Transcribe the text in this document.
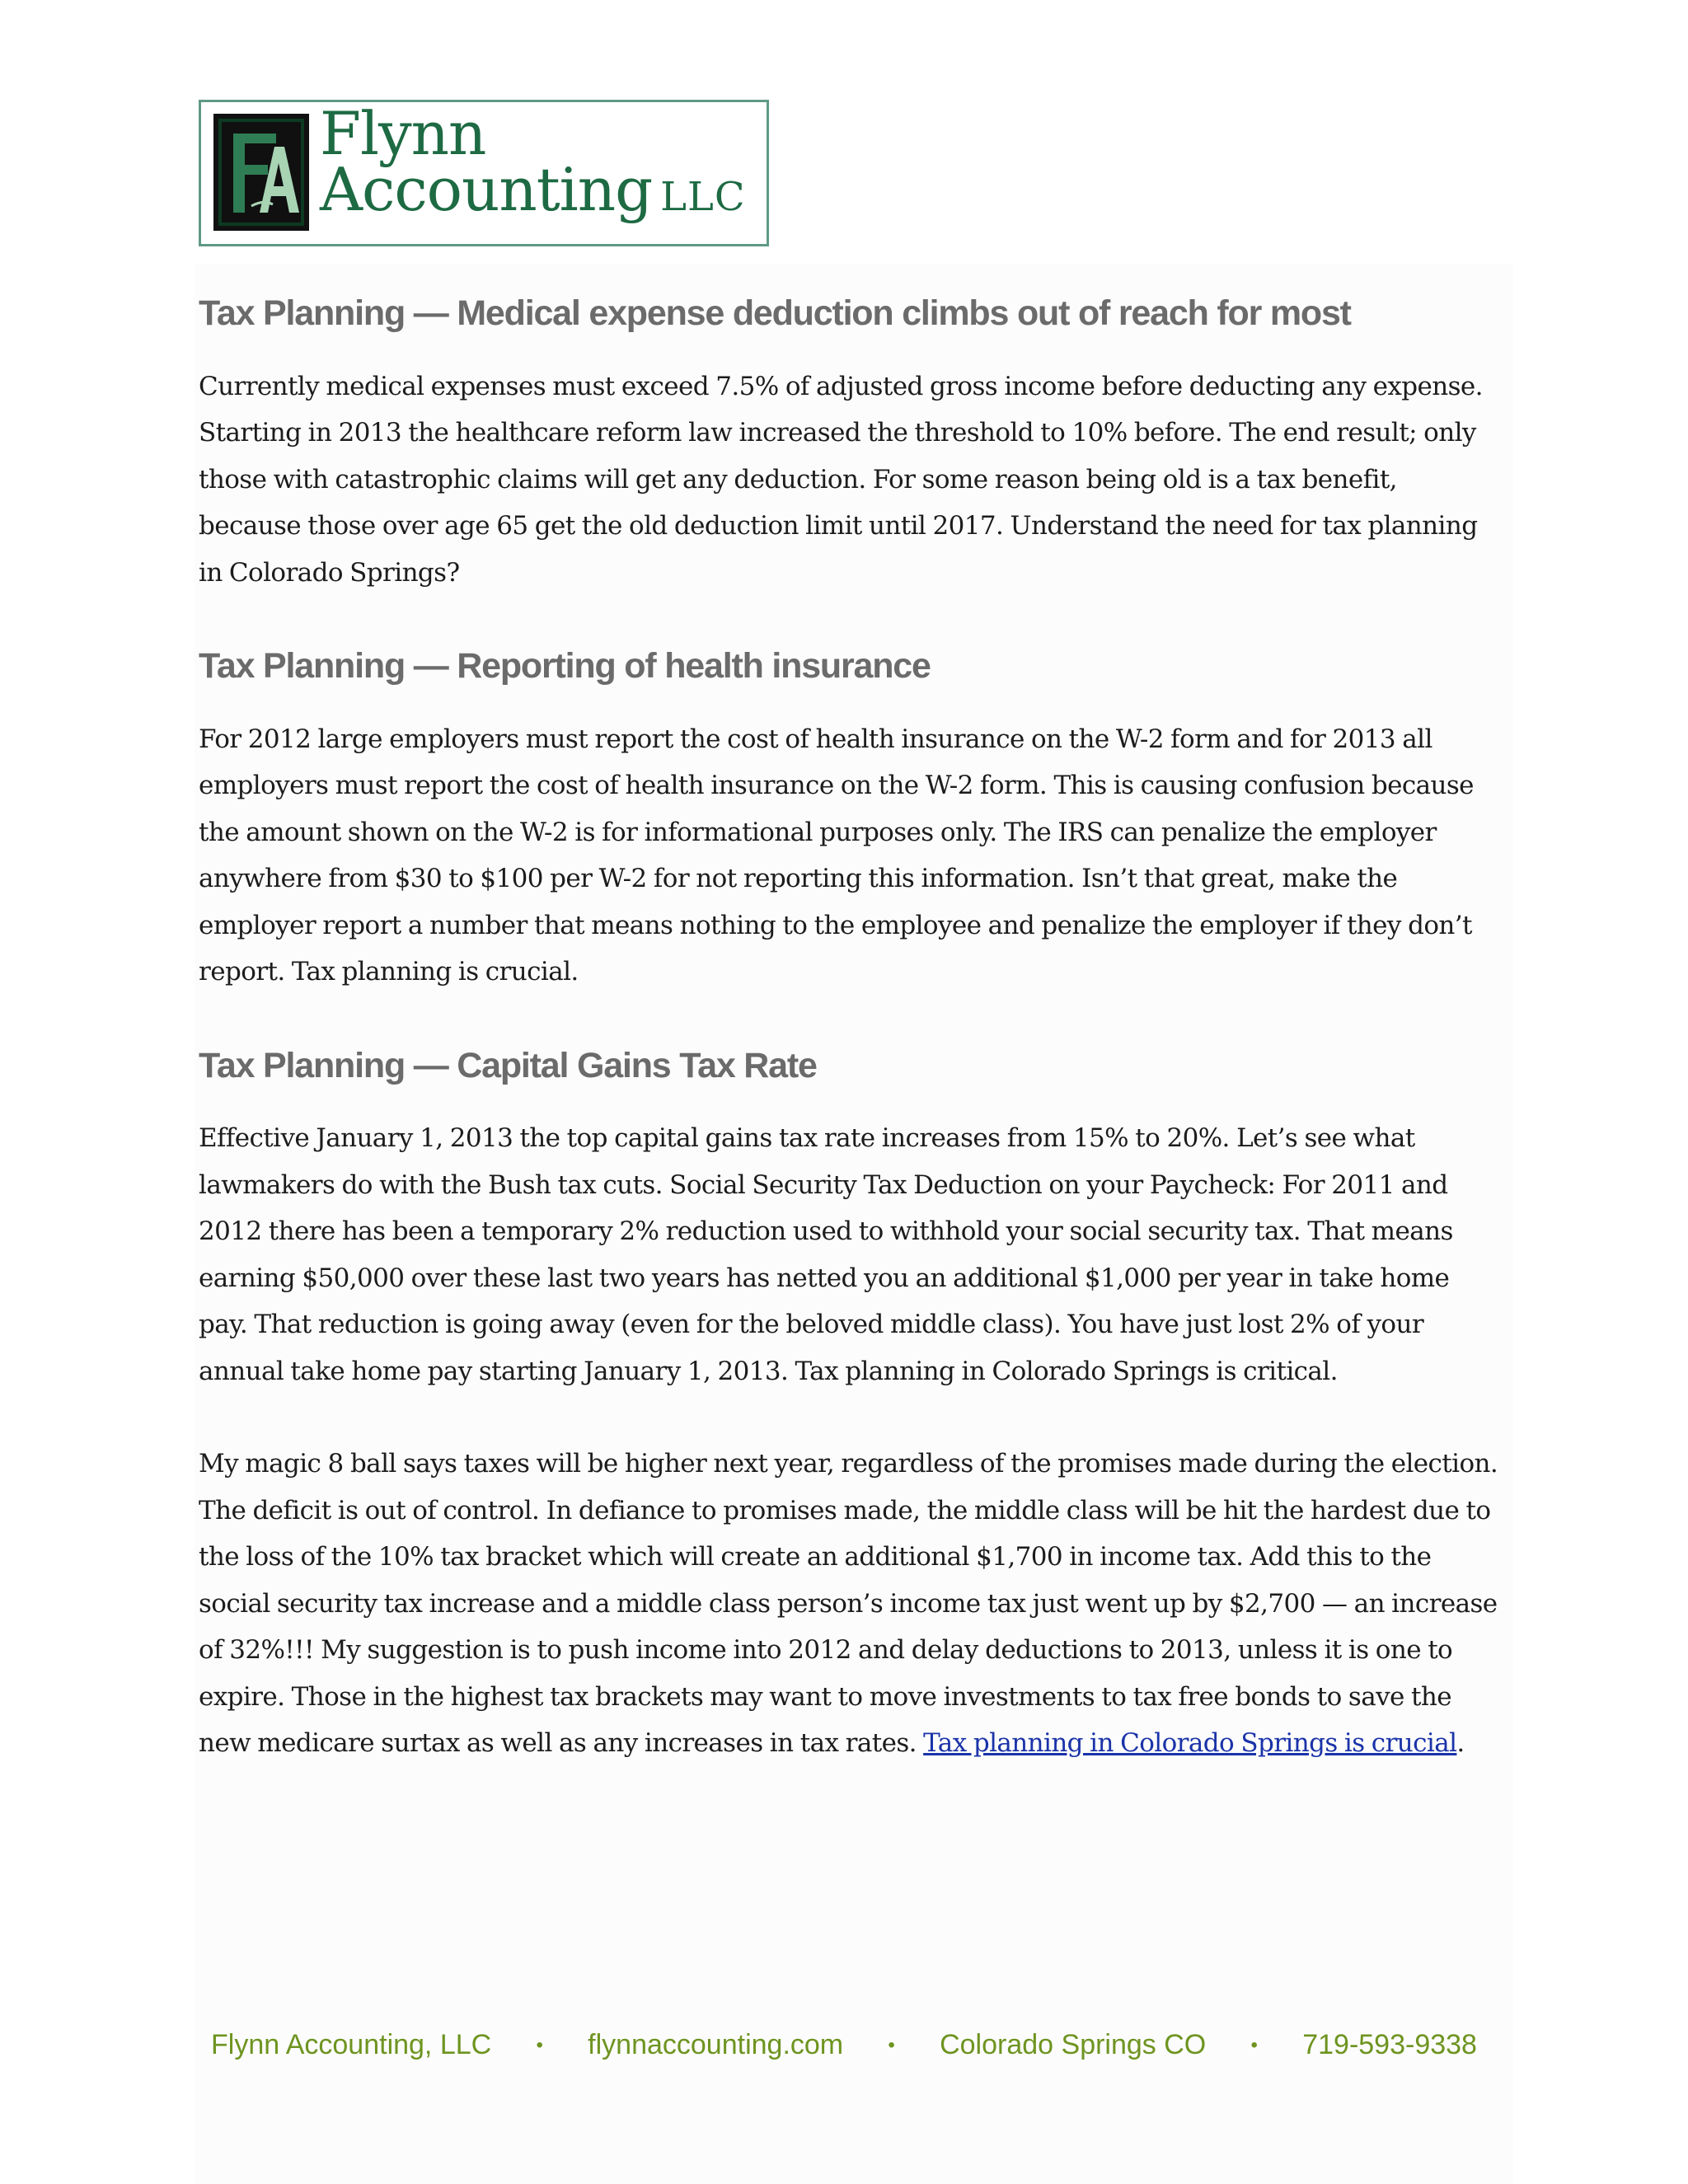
Flynn
Accounting LLC
Tax Planning — Medical expense deduction climbs out of reach for most

Currently medical expenses must exceed 7.5% of adjusted gross income before deducting any expense. Starting in 2013 the healthcare reform law increased the threshold to 10% before. The end result; only those with catastrophic claims will get any deduction. For some reason being old is a tax benefit, because those over age 65 get the old deduction limit until 2017. Understand the need for tax planning in Colorado Springs?

Tax Planning — Reporting of health insurance

For 2012 large employers must report the cost of health insurance on the W-2 form and for 2013 all employers must report the cost of health insurance on the W-2 form. This is causing confusion because the amount shown on the W-2 is for informational purposes only. The IRS can penalize the employer anywhere from $30 to $100 per W-2 for not reporting this information. Isn’t that great, make the employer report a number that means nothing to the employee and penalize the employer if they don’t report. Tax planning is crucial.

Tax Planning — Capital Gains Tax Rate

Effective January 1, 2013 the top capital gains tax rate increases from 15% to 20%. Let’s see what lawmakers do with the Bush tax cuts. Social Security Tax Deduction on your Paycheck: For 2011 and 2012 there has been a temporary 2% reduction used to withhold your social security tax. That means earning $50,000 over these last two years has netted you an additional $1,000 per year in take home pay. That reduction is going away (even for the beloved middle class). You have just lost 2% of your annual take home pay starting January 1, 2013. Tax planning in Colorado Springs is critical.

My magic 8 ball says taxes will be higher next year, regardless of the promises made during the election. The deficit is out of control. In defiance to promises made, the middle class will be hit the hardest due to the loss of the 10% tax bracket which will create an additional $1,700 in income tax. Add this to the social security tax increase and a middle class person’s income tax just went up by $2,700 — an increase of 32%!!! My suggestion is to push income into 2012 and delay deductions to 2013, unless it is one to expire. Those in the highest tax brackets may want to move investments to tax free bonds to save the new medicare surtax as well as any increases in tax rates. Tax planning in Colorado Springs is crucial.

Flynn Accounting, LLC • flynnaccounting.com • Colorado Springs CO • 719-593-9338
